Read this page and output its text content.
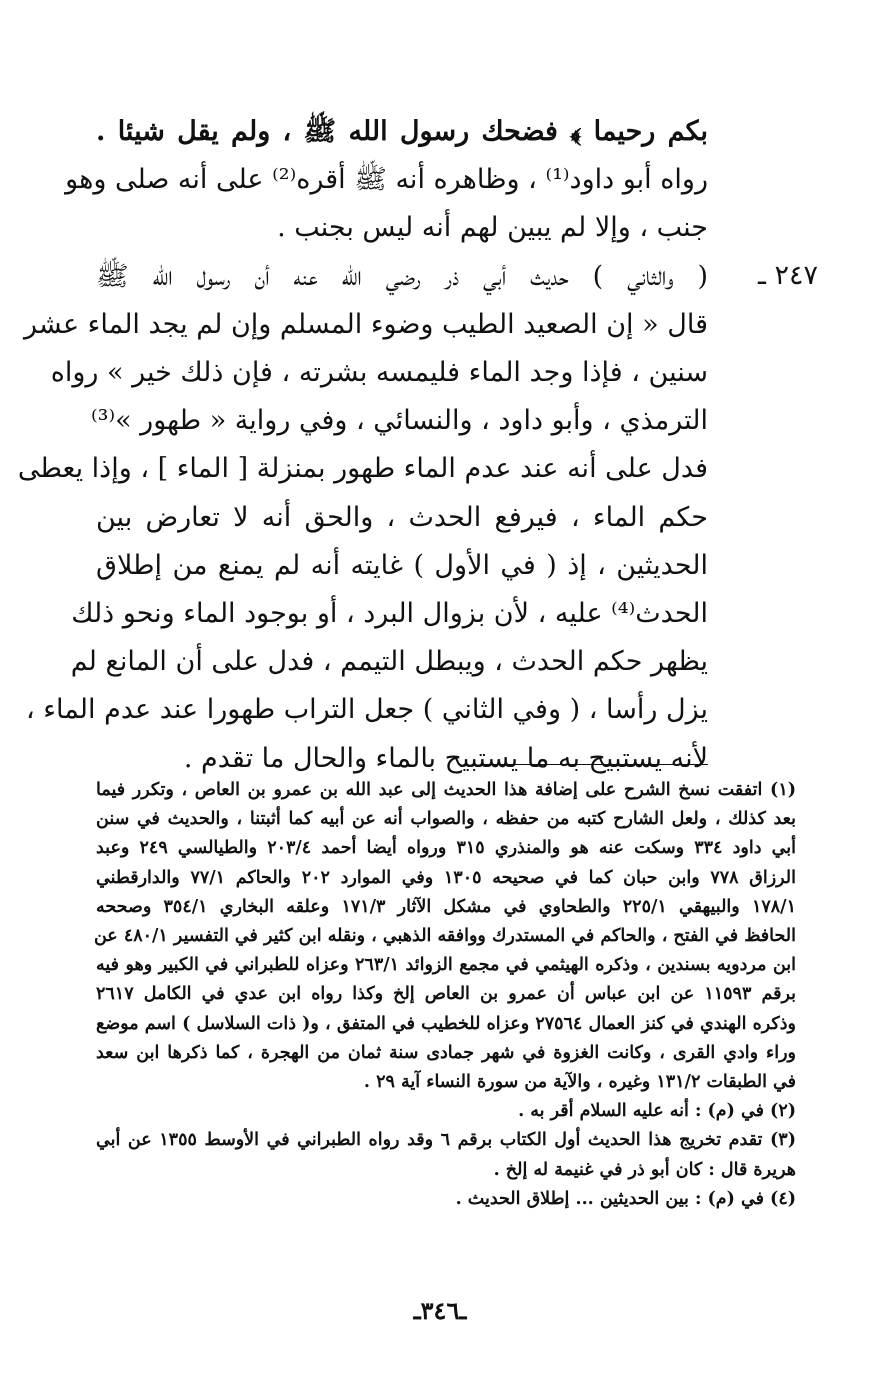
بكم رحيما ﴾ فضحك رسول الله ﷺ ، ولم يقل شيئا .
رواه أبو داود⁽¹⁾ ، وظاهره أنه ﷺ أقره⁽²⁾ على أنه صلى وهو
جنب ، وإلا لم يبين لهم أنه ليس بجنب .
( والثاني ) حديث أبي ذر رضي الله عنه أن رسول الله ﷺ
قال « إن الصعيد الطيب وضوء المسلم وإن لم يجد الماء عشر
سنين ، فإذا وجد الماء فليمسه بشرته ، فإن ذلك خير » رواه
الترمذي ، وأبو داود ، والنسائي ، وفي رواية « طهور »⁽³⁾
فدل على أنه عند عدم الماء طهور بمنزلة [ الماء ] ، وإذا يعطى
حكم الماء ، فيرفع الحدث ، والحق أنه لا تعارض بين
الحديثين ، إذ ( في الأول ) غايته أنه لم يمنع من إطلاق
الحدث⁽⁴⁾ عليه ، لأن بزوال البرد ، أو بوجود الماء ونحو ذلك
يظهر حكم الحدث ، ويبطل التيمم ، فدل على أن المانع لم
يزل رأسا ، ( وفي الثاني ) جعل التراب طهورا عند عدم الماء ،
لأنه يستبيح به ما يستبيح بالماء والحال ما تقدم .
٢٤٧ ـ
(١) اتفقت نسخ الشرح على إضافة هذا الحديث إلى عبد الله بن عمرو بن العاص ، وتكرر فيما
بعد كذلك ، ولعل الشارح كتبه من حفظه ، والصواب أنه عن أبيه كما أثبتنا ، والحديث في سنن
أبي داود ٣٣٤ وسكت عنه هو والمنذري ٣١٥ ورواه أيضا أحمد ٢٠٣/٤ والطيالسي ٢٤٩ وعبد
الرزاق ٧٧٨ وابن حبان كما في صحيحه ١٣٠٥ وفي الموارد ٢٠٢ والحاكم ٧٧/١ والدارقطني
١٧٨/١ والبيهقي ٢٢٥/١ والطحاوي في مشكل الآثار ١٧١/٣ وعلقه البخاري ٣٥٤/١ وصححه
الحافظ في الفتح ، والحاكم في المستدرك ووافقه الذهبي ، ونقله ابن كثير في التفسير ٤٨٠/١ عن
ابن مردويه بسندين ، وذكره الهيثمي في مجمع الزوائد ٢٦٣/١ وعزاه للطبراني في الكبير وهو فيه
برقم ١١٥٩٣ عن ابن عباس أن عمرو بن العاص إلخ وكذا رواه ابن عدي في الكامل ٢٦١٧
وذكره الهندي في كنز العمال ٢٧٥٦٤ وعزاه للخطيب في المتفق ، و( ذات السلاسل ) اسم موضع
وراء وادي القرى ، وكانت الغزوة في شهر جمادى سنة ثمان من الهجرة ، كما ذكرها ابن سعد
في الطبقات ١٣١/٢ وغيره ، والآية من سورة النساء آية ٢٩ .
(٢) في (م) : أنه عليه السلام أقر به .
(٣) تقدم تخريج هذا الحديث أول الكتاب برقم ٦ وقد رواه الطبراني في الأوسط ١٣٥٥ عن أبي
هريرة قال : كان أبو ذر في غنيمة له إلخ .
(٤) في (م) : بين الحديثين ... إطلاق الحديث .
ـ٣٤٦ـ
